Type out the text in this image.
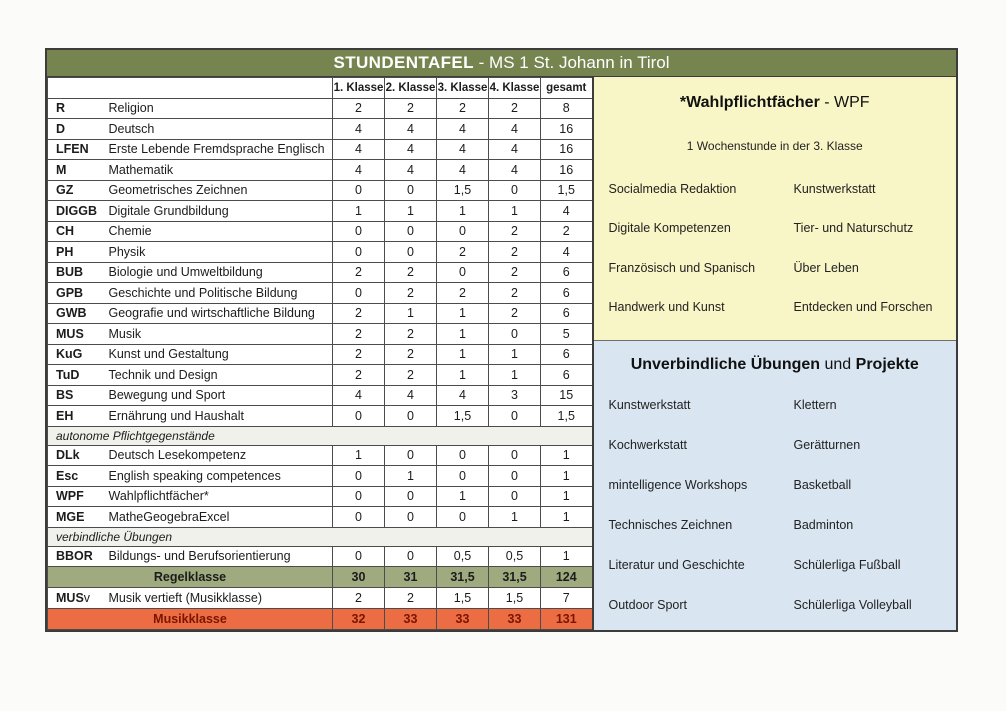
STUNDENTAFEL - MS 1 St. Johann in Tirol
		1. Klasse	2. Klasse	3. Klasse	4. Klasse	gesamt
R	Religion	2	2	2	2	8
D	Deutsch	4	4	4	4	16
LFEN	Erste Lebende Fremdsprache Englisch	4	4	4	4	16
M	Mathematik	4	4	4	4	16
GZ	Geometrisches Zeichnen	0	0	1,5	0	1,5
DIGGB	Digitale Grundbildung	1	1	1	1	4
CH	Chemie	0	0	0	2	2
PH	Physik	0	0	2	2	4
BUB	Biologie und Umweltbildung	2	2	0	2	6
GPB	Geschichte und Politische Bildung	0	2	2	2	6
GWB	Geografie und wirtschaftliche Bildung	2	1	1	2	6
MUS	Musik	2	2	1	0	5
KuG	Kunst und Gestaltung	2	2	1	1	6
TuD	Technik und Design	2	2	1	1	6
BS	Bewegung und Sport	4	4	4	3	15
EH	Ernährung und Haushalt	0	0	1,5	0	1,5
autonome Pflichtgegenstände						
DLk	Deutsch Lesekompetenz	1	0	0	0	1
Esc	English speaking competences	0	1	0	0	1
WPF	Wahlpflichtfächer*	0	0	1	0	1
MGE	MatheGeogebraExcel	0	0	0	1	1
verbindliche Übungen						
BBOR	Bildungs- und Berufsorientierung	0	0	0,5	0,5	1
Regelklasse		30	31	31,5	31,5	124
MUSv	Musik vertieft (Musikklasse)	2	2	1,5	1,5	7
Musikklasse		32	33	33	33	131
*Wahlpflichtfächer - WPF
1 Wochenstunde in der 3. Klasse
Socialmedia Redaktion	Kunstwerkstatt
Digitale Kompetenzen	Tier- und Naturschutz
Französisch und Spanisch	Über Leben
Handwerk und Kunst	Entdecken und Forschen
Unverbindliche Übungen und Projekte
Kunstwerkstatt	Klettern
Kochwerkstatt	Gerätturnen
mintelligence Workshops	Basketball
Technisches Zeichnen	Badminton
Literatur und Geschichte	Schülerliga Fußball
Outdoor Sport	Schülerliga Volleyball
